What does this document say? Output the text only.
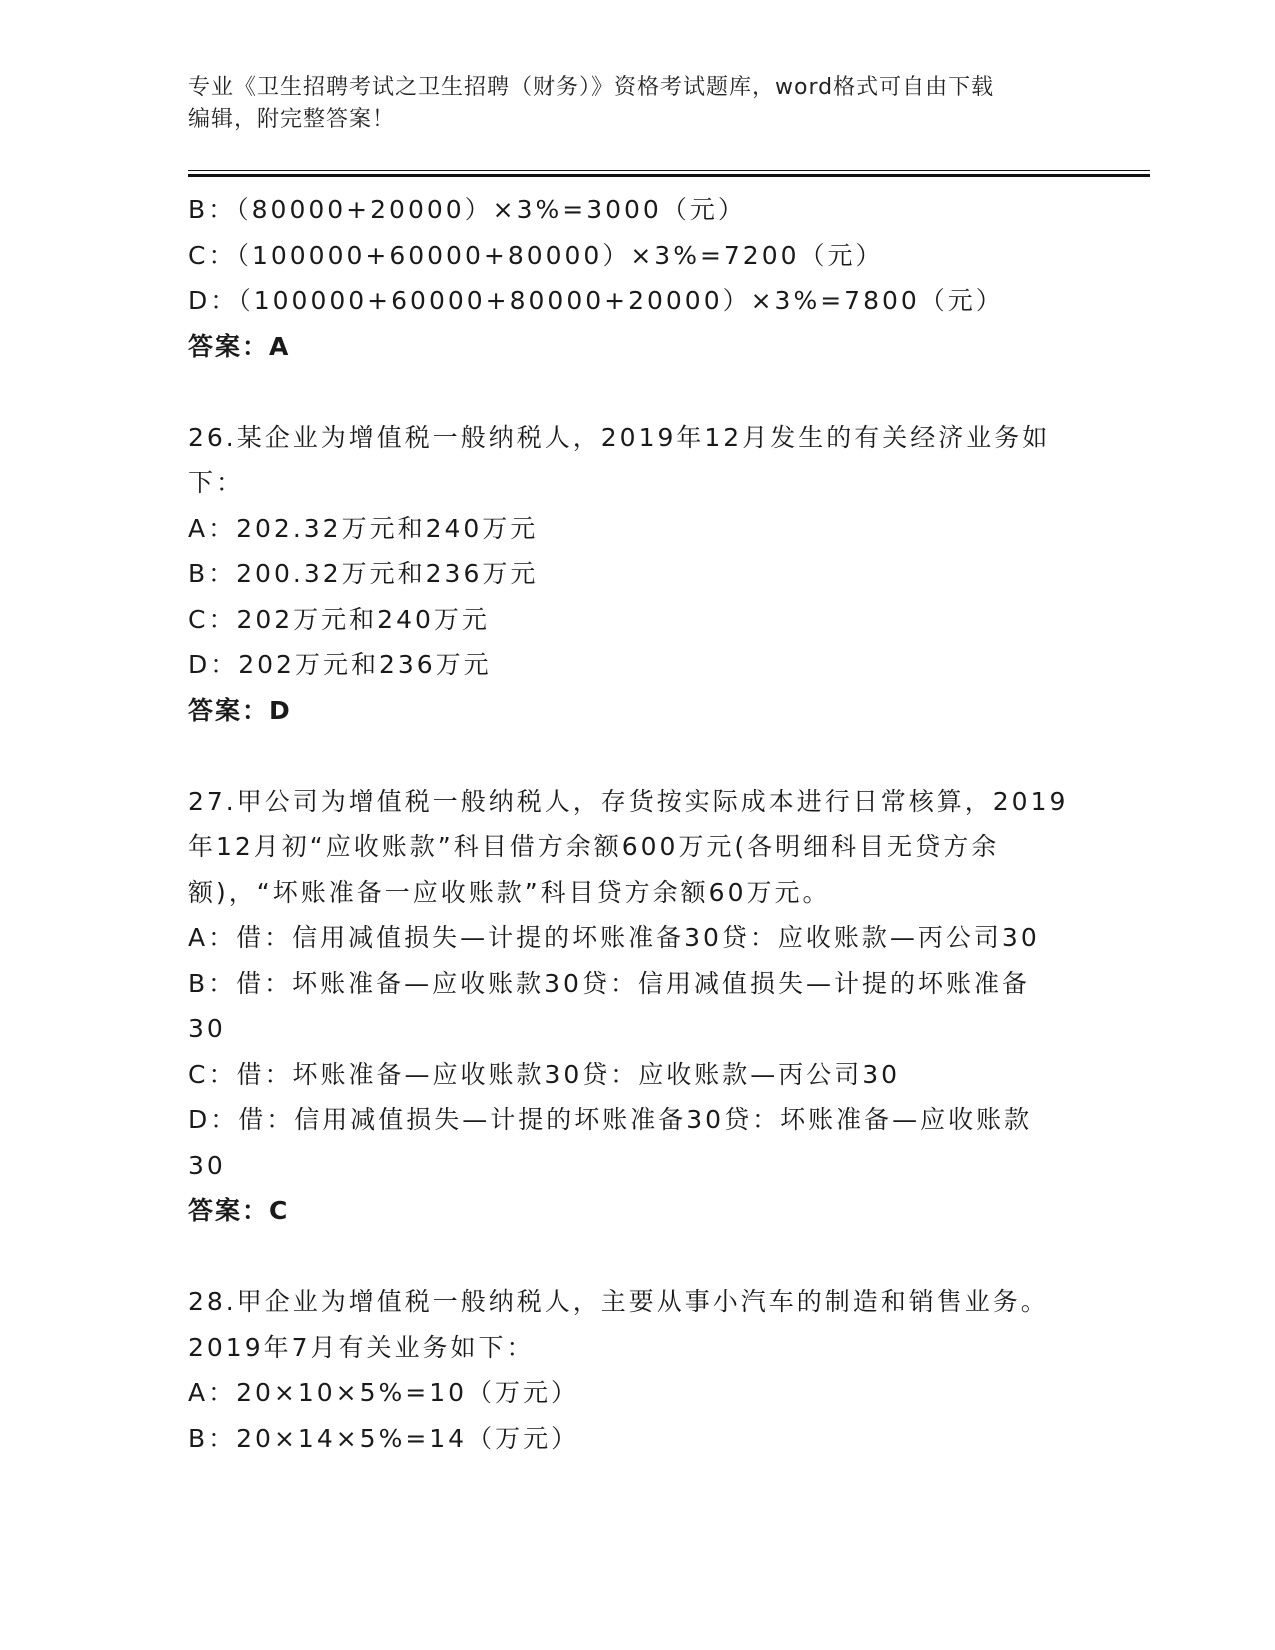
专业《卫生招聘考试之卫生招聘（财务）》资格考试题库，word格式可自由下载
编辑，附完整答案！
B：（80000+20000）×3%=3000（元）
C：（100000+60000+80000）×3%=7200（元）
D：（100000+60000+80000+20000）×3%=7800（元）
答案：A
26.某企业为增值税一般纳税人，2019年12月发生的有关经济业务如
下：
A：202.32万元和240万元
B：200.32万元和236万元
C：202万元和240万元
D：202万元和236万元
答案：D
27.甲公司为增值税一般纳税人，存货按实际成本进行日常核算，2019
年12月初“应收账款”科目借方余额600万元(各明细科目无贷方余
额)，“坏账准备一应收账款”科目贷方余额60万元。
A：借：信用减值损失—计提的坏账准备30贷：应收账款—丙公司30
B：借：坏账准备—应收账款30贷：信用减值损失—计提的坏账准备
30
C：借：坏账准备—应收账款30贷：应收账款—丙公司30
D：借：信用减值损失—计提的坏账准备30贷：坏账准备—应收账款
30
答案：C
28.甲企业为增值税一般纳税人，主要从事小汽车的制造和销售业务。
2019年7月有关业务如下：
A：20×10×5%=10（万元）
B：20×14×5%=14（万元）
